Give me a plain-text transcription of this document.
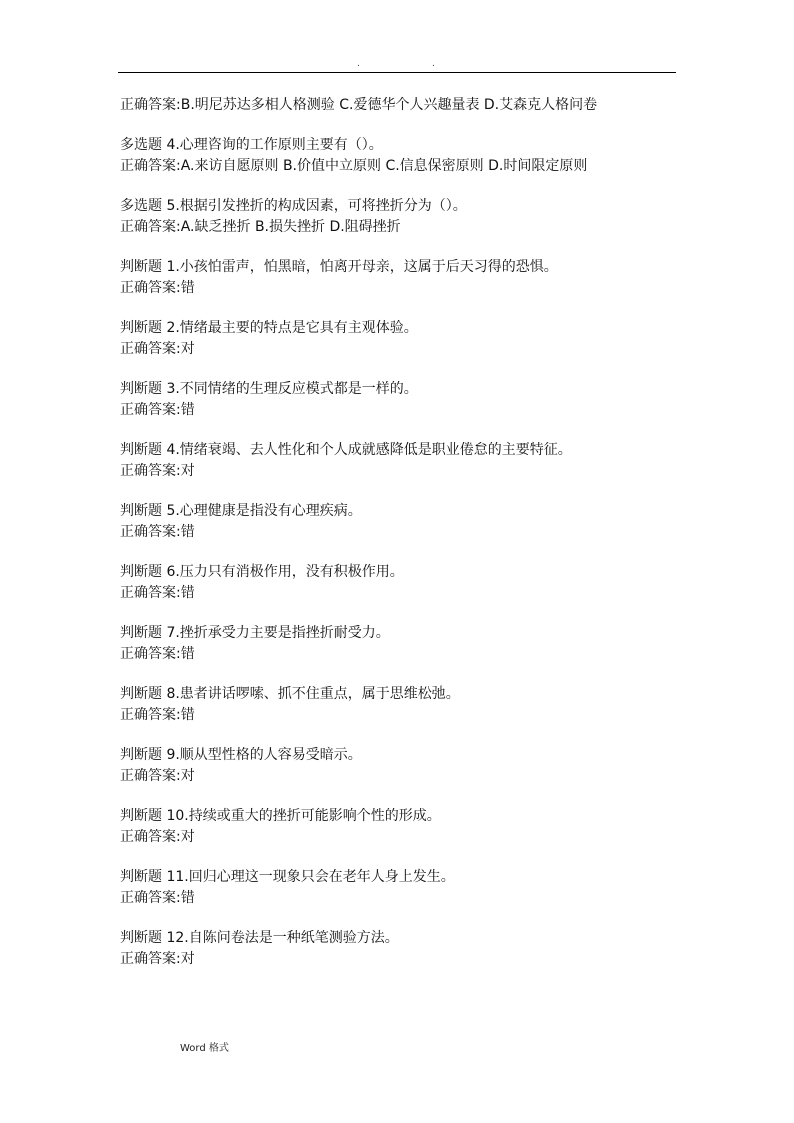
.	.
正确答案:B.明尼苏达多相人格测验 C.爱德华个人兴趣量表 D.艾森克人格问卷
多选题 4.心理咨询的工作原则主要有（）。
正确答案:A.来访自愿原则 B.价值中立原则 C.信息保密原则 D.时间限定原则
多选题 5.根据引发挫折的构成因素，可将挫折分为（）。
正确答案:A.缺乏挫折 B.损失挫折 D.阻碍挫折
判断题 1.小孩怕雷声，怕黑暗，怕离开母亲，这属于后天习得的恐惧。
正确答案:错
判断题 2.情绪最主要的特点是它具有主观体验。
正确答案:对
判断题 3.不同情绪的生理反应模式都是一样的。
正确答案:错
判断题 4.情绪衰竭、去人性化和个人成就感降低是职业倦怠的主要特征。
正确答案:对
判断题 5.心理健康是指没有心理疾病。
正确答案:错
判断题 6.压力只有消极作用，没有积极作用。
正确答案:错
判断题 7.挫折承受力主要是指挫折耐受力。
正确答案:错
判断题 8.患者讲话啰嗦、抓不住重点，属于思维松弛。
正确答案:错
判断题 9.顺从型性格的人容易受暗示。
正确答案:对
判断题 10.持续或重大的挫折可能影响个性的形成。
正确答案:对
判断题 11.回归心理这一现象只会在老年人身上发生。
正确答案:错
判断题 12.自陈问卷法是一种纸笔测验方法。
正确答案:对
Word 格式
